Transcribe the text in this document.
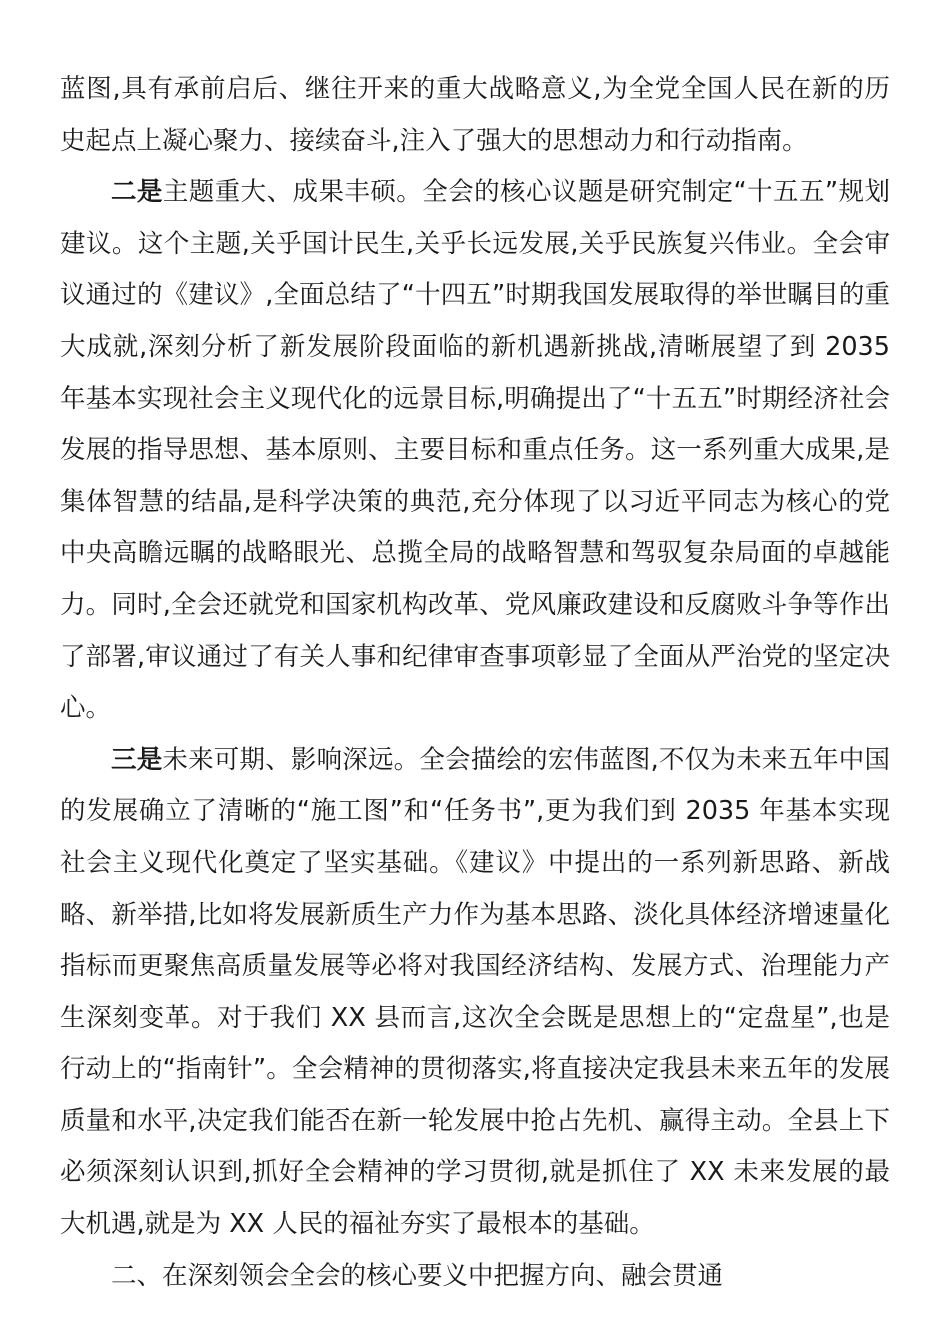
蓝图,具有承前启后、继往开来的重大战略意义,为全党全国人民在新的历史起点上凝心聚力、接续奋斗,注入了强大的思想动力和行动指南。

二是主题重大、成果丰硕。全会的核心议题是研究制定“十五五”规划建议。这个主题,关乎国计民生,关乎长远发展,关乎民族复兴伟业。全会审议通过的《建议》,全面总结了“十四五”时期我国发展取得的举世瞩目的重大成就,深刻分析了新发展阶段面临的新机遇新挑战,清晰展望了到 2035 年基本实现社会主义现代化的远景目标,明确提出了“十五五”时期经济社会发展的指导思想、基本原则、主要目标和重点任务。这一系列重大成果,是集体智慧的结晶,是科学决策的典范,充分体现了以习近平同志为核心的党中央高瞻远瞩的战略眼光、总揽全局的战略智慧和驾驭复杂局面的卓越能力。同时,全会还就党和国家机构改革、党风廉政建设和反腐败斗争等作出了部署,审议通过了有关人事和纪律审查事项彰显了全面从严治党的坚定决心。

三是未来可期、影响深远。全会描绘的宏伟蓝图,不仅为未来五年中国的发展确立了清晰的“施工图”和“任务书”,更为我们到 2035 年基本实现社会主义现代化奠定了坚实基础。《建议》中提出的一系列新思路、新战略、新举措,比如将发展新质生产力作为基本思路、淡化具体经济增速量化指标而更聚焦高质量发展等必将对我国经济结构、发展方式、治理能力产生深刻变革。对于我们 XX 县而言,这次全会既是思想上的“定盘星”,也是行动上的“指南针”。全会精神的贯彻落实,将直接决定我县未来五年的发展质量和水平,决定我们能否在新一轮发展中抢占先机、赢得主动。全县上下必须深刻认识到,抓好全会精神的学习贯彻,就是抓住了 XX 未来发展的最大机遇,就是为 XX 人民的福祉夯实了最根本的基础。

二、在深刻领会全会的核心要义中把握方向、融会贯通
